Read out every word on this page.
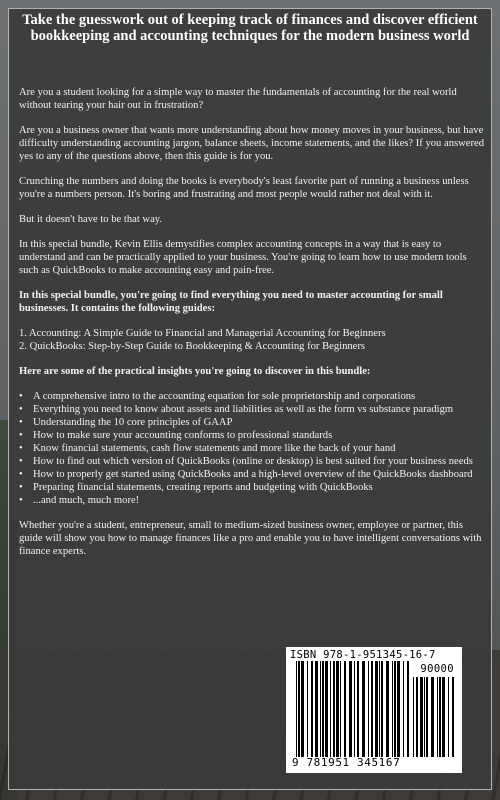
Take the guesswork out of keeping track of finances and discover efficient bookkeeping and accounting techniques for the modern business world

Are you a student looking for a simple way to master the fundamentals of accounting for the real world without tearing your hair out in frustration?

Are you a business owner that wants more understanding about how money moves in your business, but have difficulty understanding accounting jargon, balance sheets, income statements, and the likes? If you answered yes to any of the questions above, then this guide is for you.

Crunching the numbers and doing the books is everybody's least favorite part of running a business unless you're a numbers person. It's boring and frustrating and most people would rather not deal with it.

But it doesn't have to be that way.

In this special bundle, Kevin Ellis demystifies complex accounting concepts in a way that is easy to understand and can be practically applied to your business. You're going to learn how to use modern tools such as QuickBooks to make accounting easy and pain-free.

In this special bundle, you're going to find everything you need to master accounting for small businesses. It contains the following guides:

1. Accounting: A Simple Guide to Financial and Managerial Accounting for Beginners
2. QuickBooks: Step-by-Step Guide to Bookkeeping & Accounting for Beginners

Here are some of the practical insights you're going to discover in this bundle:

• A comprehensive intro to the accounting equation for sole proprietorship and corporations
• Everything you need to know about assets and liabilities as well as the form vs substance paradigm
• Understanding the 10 core principles of GAAP
• How to make sure your accounting conforms to professional standards
• Know financial statements, cash flow statements and more like the back of your hand
• How to find out which version of QuickBooks (online or desktop) is best suited for your business needs
• How to properly get started using QuickBooks and a high-level overview of the QuickBooks dashboard
• Preparing financial statements, creating reports and budgeting with QuickBooks
• ...and much, much more!

Whether you're a student, entrepreneur, small to medium-sized business owner, employee or partner, this guide will show you how to manage finances like a pro and enable you to have intelligent conversations with finance experts.

ISBN 978-1-951345-16-7
90000
9 781951 345167
